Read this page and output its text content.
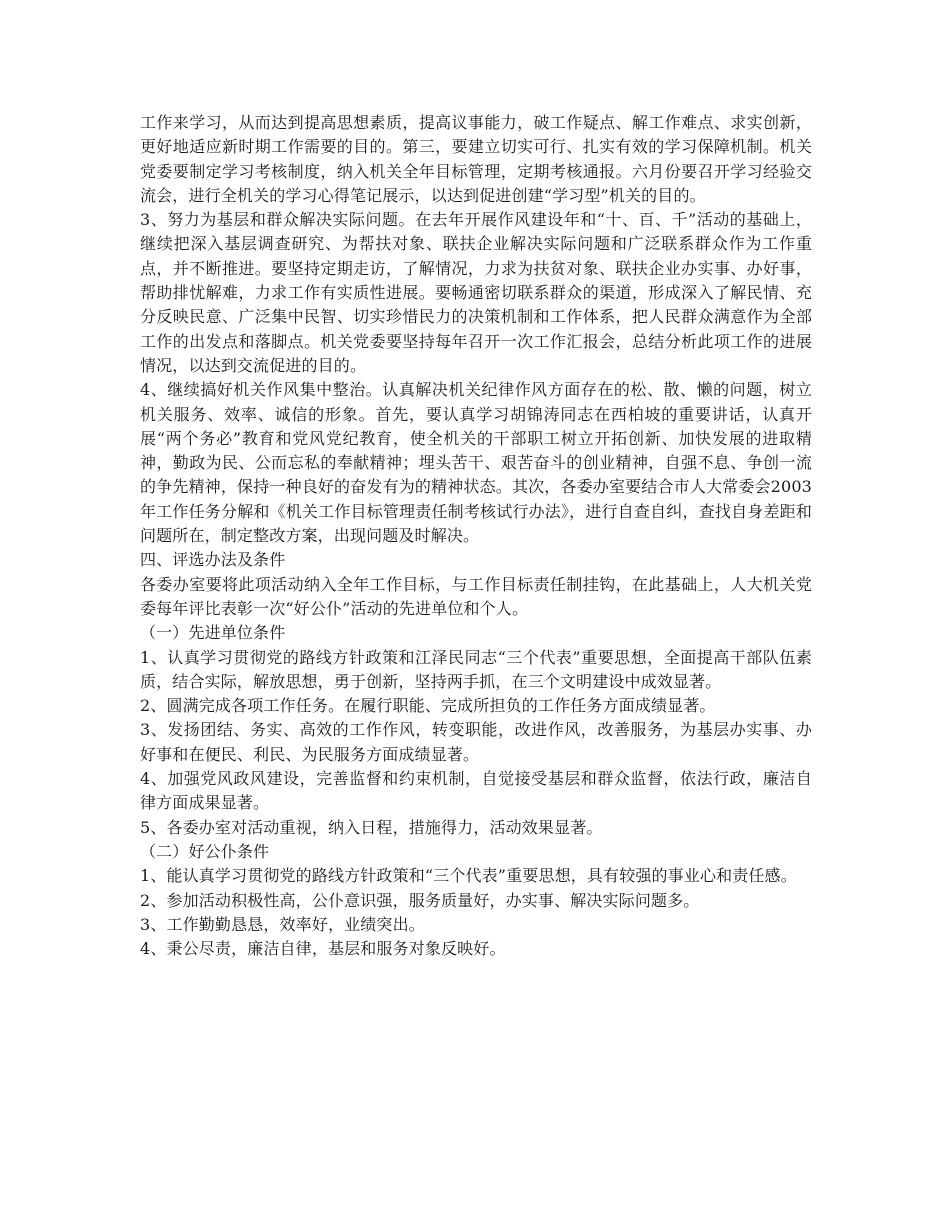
工作来学习，从而达到提高思想素质，提高议事能力，破工作疑点、解工作难点、求实创新，更好地适应新时期工作需要的目的。第三，要建立切实可行、扎实有效的学习保障机制。机关党委要制定学习考核制度，纳入机关全年目标管理，定期考核通报。六月份要召开学习经验交流会，进行全机关的学习心得笔记展示，以达到促进创建“学习型”机关的目的。

3、努力为基层和群众解决实际问题。在去年开展作风建设年和“十、百、千”活动的基础上，继续把深入基层调查研究、为帮扶对象、联扶企业解决实际问题和广泛联系群众作为工作重点，并不断推进。要坚持定期走访，了解情况，力求为扶贫对象、联扶企业办实事、办好事，帮助排忧解难，力求工作有实质性进展。要畅通密切联系群众的渠道，形成深入了解民情、充分反映民意、广泛集中民智、切实珍惜民力的决策机制和工作体系，把人民群众满意作为全部工作的出发点和落脚点。机关党委要坚持每年召开一次工作汇报会，总结分析此项工作的进展情况，以达到交流促进的目的。

4、继续搞好机关作风集中整治。认真解决机关纪律作风方面存在的松、散、懒的问题，树立机关服务、效率、诚信的形象。首先，要认真学习胡锦涛同志在西柏坡的重要讲话，认真开展“两个务必”教育和党风党纪教育，使全机关的干部职工树立开拓创新、加快发展的进取精神，勤政为民、公而忘私的奉献精神；埋头苦干、艰苦奋斗的创业精神，自强不息、争创一流的争先精神，保持一种良好的奋发有为的精神状态。其次，各委办室要结合市人大常委会2003年工作任务分解和《机关工作目标管理责任制考核试行办法》，进行自查自纠，查找自身差距和问题所在，制定整改方案，出现问题及时解决。

四、评选办法及条件

各委办室要将此项活动纳入全年工作目标，与工作目标责任制挂钩，在此基础上，人大机关党委每年评比表彰一次“好公仆”活动的先进单位和个人。

（一）先进单位条件

1、认真学习贯彻党的路线方针政策和江泽民同志“三个代表”重要思想，全面提高干部队伍素质，结合实际，解放思想，勇于创新，坚持两手抓，在三个文明建设中成效显著。

2、圆满完成各项工作任务。在履行职能、完成所担负的工作任务方面成绩显著。

3、发扬团结、务实、高效的工作作风，转变职能，改进作风，改善服务，为基层办实事、办好事和在便民、利民、为民服务方面成绩显著。

4、加强党风政风建设，完善监督和约束机制，自觉接受基层和群众监督，依法行政，廉洁自律方面成果显著。

5、各委办室对活动重视，纳入日程，措施得力，活动效果显著。

（二）好公仆条件

1、能认真学习贯彻党的路线方针政策和“三个代表”重要思想，具有较强的事业心和责任感。

2、参加活动积极性高，公仆意识强，服务质量好，办实事、解决实际问题多。

3、工作勤勤恳恳，效率好，业绩突出。

4、秉公尽责，廉洁自律，基层和服务对象反映好。
